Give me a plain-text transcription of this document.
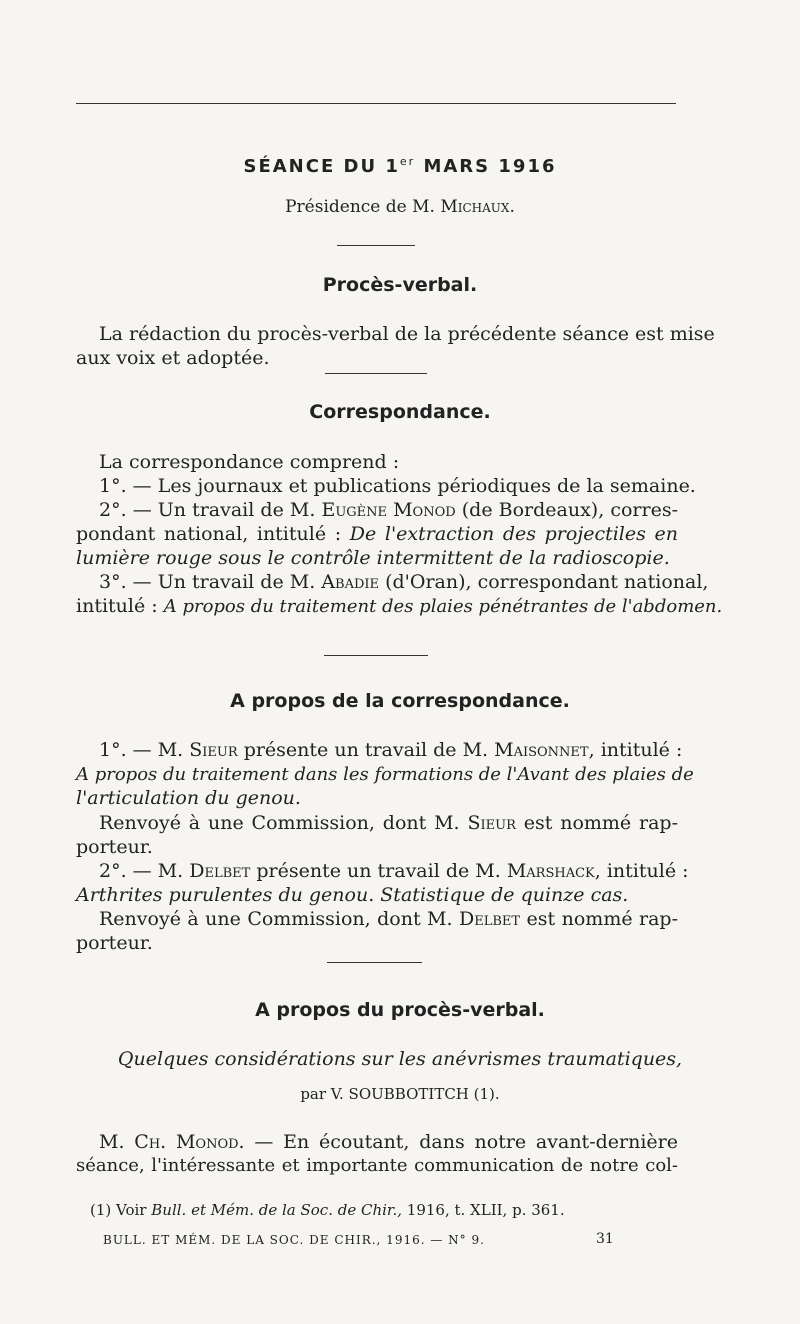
SÉANCE DU 1er MARS 1916
Présidence de M. Michaux.
Procès-verbal.
La rédaction du procès-verbal de la précédente séance est mise
aux voix et adoptée.
Correspondance.
La correspondance comprend :
1°. — Les journaux et publications périodiques de la semaine.
2°. — Un travail de M. Eugène Monod (de Bordeaux), corres-
pondant national, intitulé : De l'extraction des projectiles en
lumière rouge sous le contrôle intermittent de la radioscopie.
3°. — Un travail de M. Abadie (d'Oran), correspondant national,
intitulé : A propos du traitement des plaies pénétrantes de l'abdomen.
A propos de la correspondance.
1°. — M. Sieur présente un travail de M. Maisonnet, intitulé :
A propos du traitement dans les formations de l'Avant des plaies de
l'articulation du genou.
Renvoyé à une Commission, dont M. Sieur est nommé rap-
porteur.
2°. — M. Delbet présente un travail de M. Marshack, intitulé :
Arthrites purulentes du genou. Statistique de quinze cas.
Renvoyé à une Commission, dont M. Delbet est nommé rap-
porteur.
A propos du procès-verbal.
Quelques considérations sur les anévrismes traumatiques,
par V. SOUBBOTITCH (1).
M. Ch. Monod. — En écoutant, dans notre avant-dernière
séance, l'intéressante et importante communication de notre col-
(1) Voir Bull. et Mém. de la Soc. de Chir., 1916, t. XLII, p. 361.
BULL. ET MÉM. DE LA SOC. DE CHIR., 1916. — N° 9.	31
